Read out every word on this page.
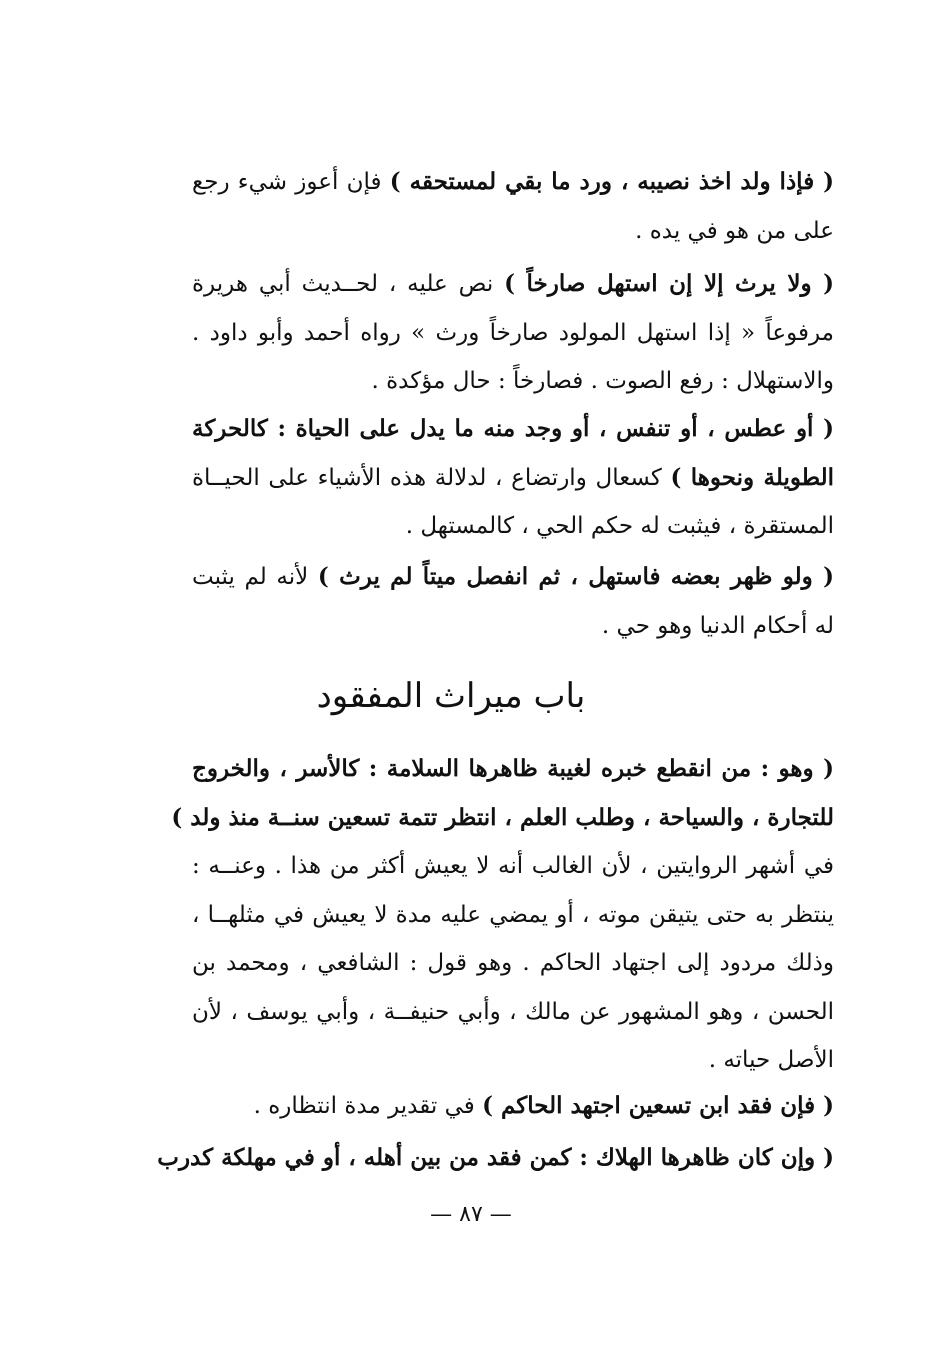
( فإذا ولد اخذ نصيبه ، ورد ما بقي لمستحقه ) فإن أعوز شيء رجع
على من هو في يده .
( ولا يرث إلا إن استهل صارخاً ) نص عليه ، لحــديث أبي هريرة
مرفوعاً « إذا استهل المولود صارخاً ورث » رواه أحمد وأبو داود .
والاستهلال : رفع الصوت . فصارخاً : حال مؤكدة .
( أو عطس ، أو تنفس ، أو وجد منه ما يدل على الحياة : كالحركة
الطويلة ونحوها ) كسعال وارتضاع ، لدلالة هذه الأشياء على الحيــاة
المستقرة ، فيثبت له حكم الحي ، كالمستهل .
( ولو ظهر بعضه فاستهل ، ثم انفصل ميتاً لم يرث ) لأنه لم يثبت
له أحكام الدنيا وهو حي .
باب ميراث المفقود
( وهو : من انقطع خبره لغيبة ظاهرها السلامة : كالأسر ، والخروج
للتجارة ، والسياحة ، وطلب العلم ، انتظر تتمة تسعين سنــة منذ ولد )
في أشهر الروايتين ، لأن الغالب أنه لا يعيش أكثر من هذا . وعنــه :
ينتظر به حتى يتيقن موته ، أو يمضي عليه مدة لا يعيش في مثلهــا ،
وذلك مردود إلى اجتهاد الحاكم . وهو قول : الشافعي ، ومحمد بن
الحسن ، وهو المشهور عن مالك ، وأبي حنيفــة ، وأبي يوسف ، لأن
الأصل حياته .
( فإن فقد ابن تسعين اجتهد الحاكم ) في تقدير مدة انتظاره .
( وإن كان ظاهرها الهلاك : كمن فقد من بين أهله ، أو في مهلكة كدرب
— ٨٧ —
